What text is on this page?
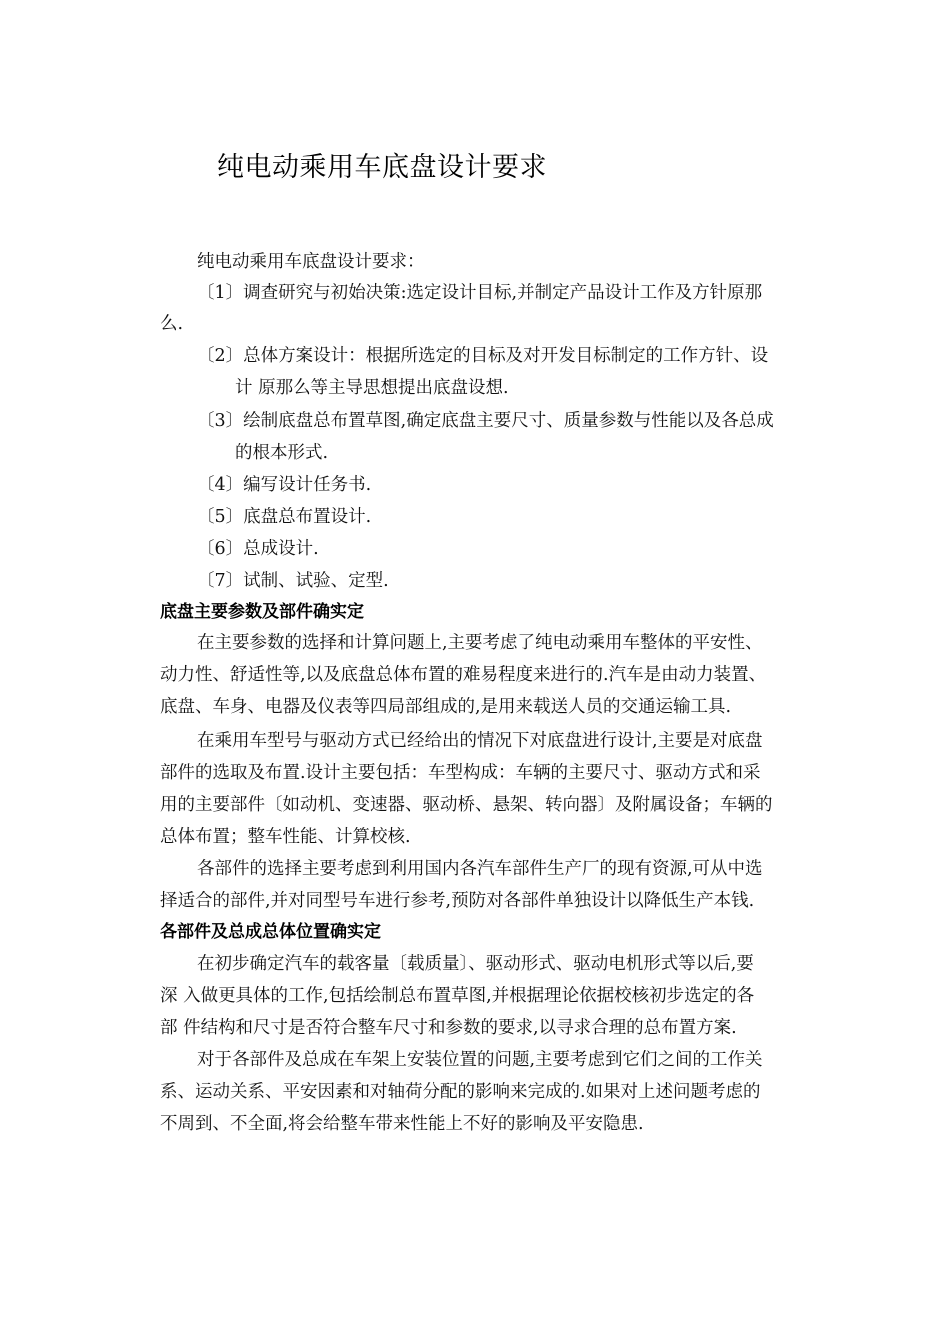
纯电动乘用车底盘设计要求
纯电动乘用车底盘设计要求：
〔1〕调查研究与初始决策:选定设计目标,并制定产品设计工作及方针原那
么.
〔2〕总体方案设计：根据所选定的目标及对开发目标制定的工作方针、设
计 原那么等主导思想提出底盘设想.
〔3〕绘制底盘总布置草图,确定底盘主要尺寸、质量参数与性能以及各总成
的根本形式.
〔4〕编写设计任务书.
〔5〕底盘总布置设计.
〔6〕总成设计.
〔7〕试制、试验、定型.
底盘主要参数及部件确实定
在主要参数的选择和计算问题上,主要考虑了纯电动乘用车整体的平安性、
动力性、舒适性等,以及底盘总体布置的难易程度来进行的.汽车是由动力装置、
底盘、车身、电器及仪表等四局部组成的,是用来载送人员的交通运输工具.
在乘用车型号与驱动方式已经给出的情况下对底盘进行设计,主要是对底盘
部件的选取及布置.设计主要包括：车型构成：车辆的主要尺寸、驱动方式和采
用的主要部件〔如动机、变速器、驱动桥、悬架、转向器〕及附属设备；车辆的
总体布置；整车性能、计算校核.
各部件的选择主要考虑到利用国内各汽车部件生产厂的现有资源,可从中选
择适合的部件,并对同型号车进行参考,预防对各部件单独设计以降低生产本钱.
各部件及总成总体位置确实定
在初步确定汽车的载客量〔载质量〕、驱动形式、驱动电机形式等以后,要
深 入做更具体的工作,包括绘制总布置草图,并根据理论依据校核初步选定的各
部 件结构和尺寸是否符合整车尺寸和参数的要求,以寻求合理的总布置方案.
对于各部件及总成在车架上安装位置的问题,主要考虑到它们之间的工作关
系、运动关系、平安因素和对轴荷分配的影响来完成的.如果对上述问题考虑的
不周到、不全面,将会给整车带来性能上不好的影响及平安隐患.
